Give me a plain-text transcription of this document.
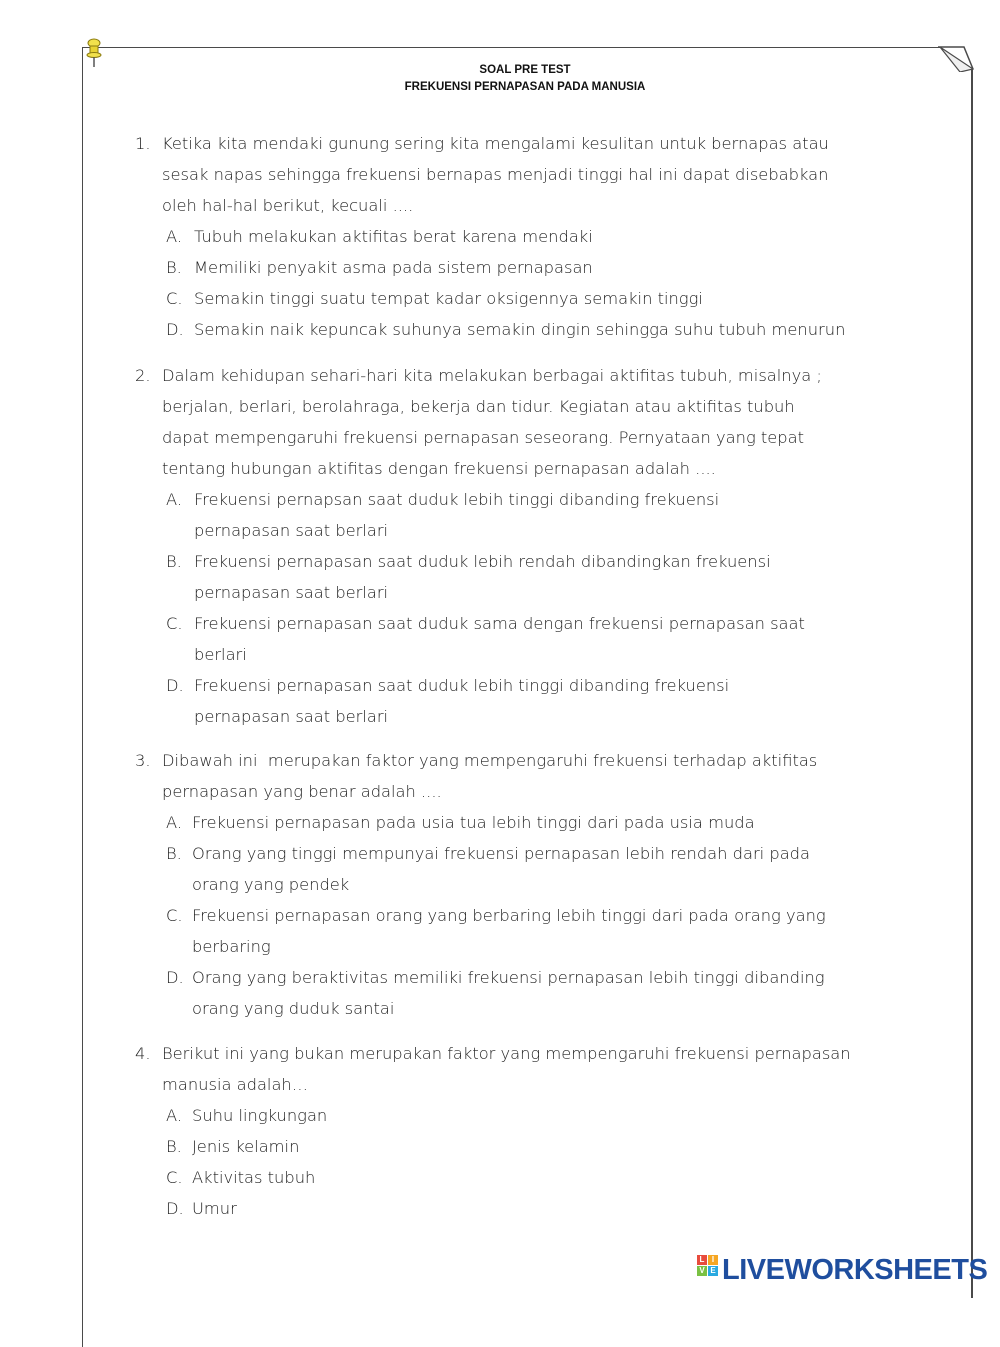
SOAL PRE TEST
FREKUENSI PERNAPASAN PADA MANUSIA
1. Ketika kita mendaki gunung sering kita mengalami kesulitan untuk bernapas atau sesak napas sehingga frekuensi bernapas menjadi tinggi hal ini dapat disebabkan oleh hal-hal berikut, kecuali ....
A. Tubuh melakukan aktifitas berat karena mendaki
B. Memiliki penyakit asma pada sistem pernapasan
C. Semakin tinggi suatu tempat kadar oksigennya semakin tinggi
D. Semakin naik kepuncak suhunya semakin dingin sehingga suhu tubuh menurun
2. Dalam kehidupan sehari-hari kita melakukan berbagai aktifitas tubuh, misalnya ; berjalan, berlari, berolahraga, bekerja dan tidur. Kegiatan atau aktifitas tubuh dapat mempengaruhi frekuensi pernapasan seseorang. Pernyataan yang tepat tentang hubungan aktifitas dengan frekuensi pernapasan adalah ....
A. Frekuensi pernapsan saat duduk lebih tinggi dibanding frekuensi pernapasan saat berlari
B. Frekuensi pernapasan saat duduk lebih rendah dibandingkan frekuensi pernapasan saat berlari
C. Frekuensi pernapasan saat duduk sama dengan frekuensi pernapasan saat berlari
D. Frekuensi pernapasan saat duduk lebih tinggi dibanding frekuensi pernapasan saat berlari
3. Dibawah ini  merupakan faktor yang mempengaruhi frekuensi terhadap aktifitas pernapasan yang benar adalah ....
A. Frekuensi pernapasan pada usia tua lebih tinggi dari pada usia muda
B. Orang yang tinggi mempunyai frekuensi pernapasan lebih rendah dari pada orang yang pendek
C. Frekuensi pernapasan orang yang berbaring lebih tinggi dari pada orang yang berbaring
D. Orang yang beraktivitas memiliki frekuensi pernapasan lebih tinggi dibanding orang yang duduk santai
4. Berikut ini yang bukan merupakan faktor yang mempengaruhi frekuensi pernapasan manusia adalah…
A. Suhu lingkungan
B. Jenis kelamin
C. Aktivitas tubuh
D. Umur
L I
V E LIVEWORKSHEETS
